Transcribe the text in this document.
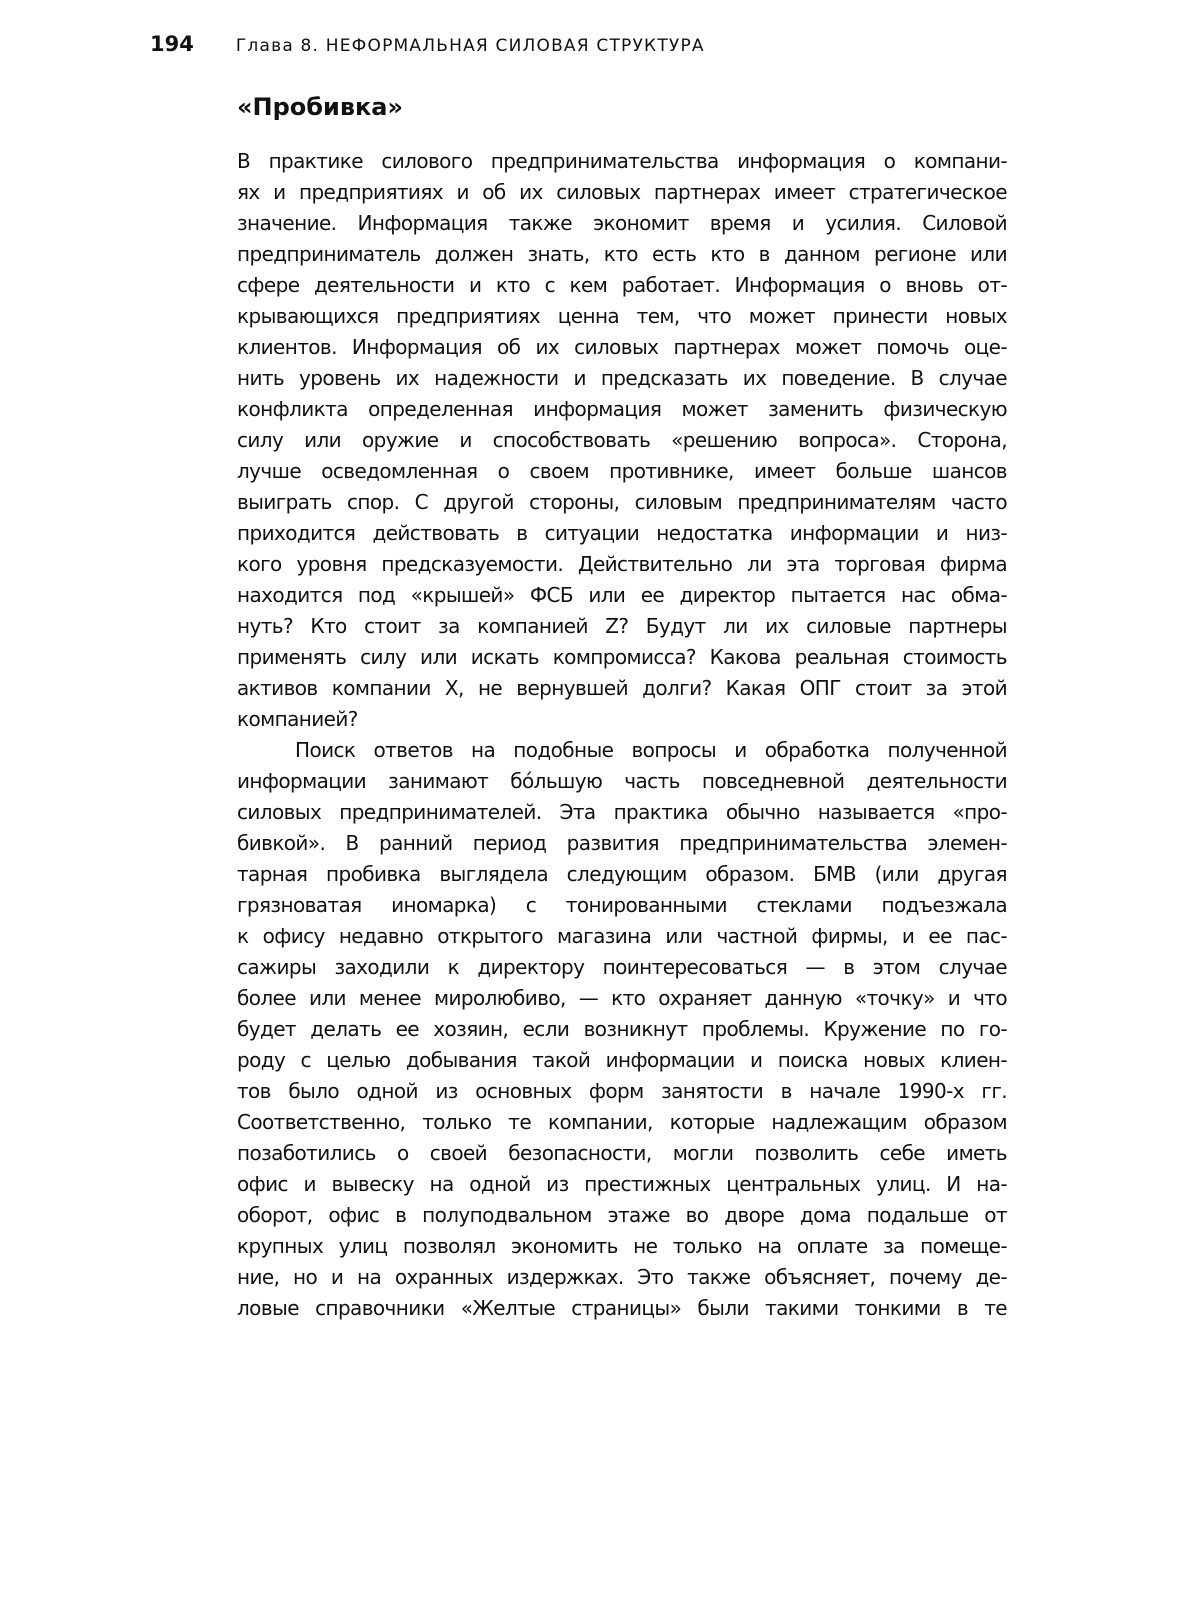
194 Глава 8. НЕФОРМАЛЬНАЯ СИЛОВАЯ СТРУКТУРА
«Пробивка»
В практике силового предпринимательства информация о компани-
ях и предприятиях и об их силовых партнерах имеет стратегическое
значение. Информация также экономит время и усилия. Силовой
предприниматель должен знать, кто есть кто в данном регионе или
сфере деятельности и кто с кем работает. Информация о вновь от-
крывающихся предприятиях ценна тем, что может принести новых
клиентов. Информация об их силовых партнерах может помочь оце-
нить уровень их надежности и предсказать их поведение. В случае
конфликта определенная информация может заменить физическую
силу или оружие и способствовать «решению вопроса». Сторона,
лучше осведомленная о своем противнике, имеет больше шансов
выиграть спор. С другой стороны, силовым предпринимателям часто
приходится действовать в ситуации недостатка информации и низ-
кого уровня предсказуемости. Действительно ли эта торговая фирма
находится под «крышей» ФСБ или ее директор пытается нас обма-
нуть? Кто стоит за компанией Z? Будут ли их силовые партнеры
применять силу или искать компромисса? Какова реальная стоимость
активов компании X, не вернувшей долги? Какая ОПГ стоит за этой
компанией?
Поиск ответов на подобные вопросы и обработка полученной
информации занимают бóльшую часть повседневной деятельности
силовых предпринимателей. Эта практика обычно называется «про-
бивкой». В ранний период развития предпринимательства элемен-
тарная пробивка выглядела следующим образом. БМВ (или другая
грязноватая иномарка) с тонированными стеклами подъезжала
к офису недавно открытого магазина или частной фирмы, и ее пас-
сажиры заходили к директору поинтересоваться — в этом случае
более или менее миролюбиво, — кто охраняет данную «точку» и что
будет делать ее хозяин, если возникнут проблемы. Кружение по го-
роду с целью добывания такой информации и поиска новых клиен-
тов было одной из основных форм занятости в начале 1990-х гг.
Соответственно, только те компании, которые надлежащим образом
позаботились о своей безопасности, могли позволить себе иметь
офис и вывеску на одной из престижных центральных улиц. И на-
оборот, офис в полуподвальном этаже во дворе дома подальше от
крупных улиц позволял экономить не только на оплате за помеще-
ние, но и на охранных издержках. Это также объясняет, почему де-
ловые справочники «Желтые страницы» были такими тонкими в те
